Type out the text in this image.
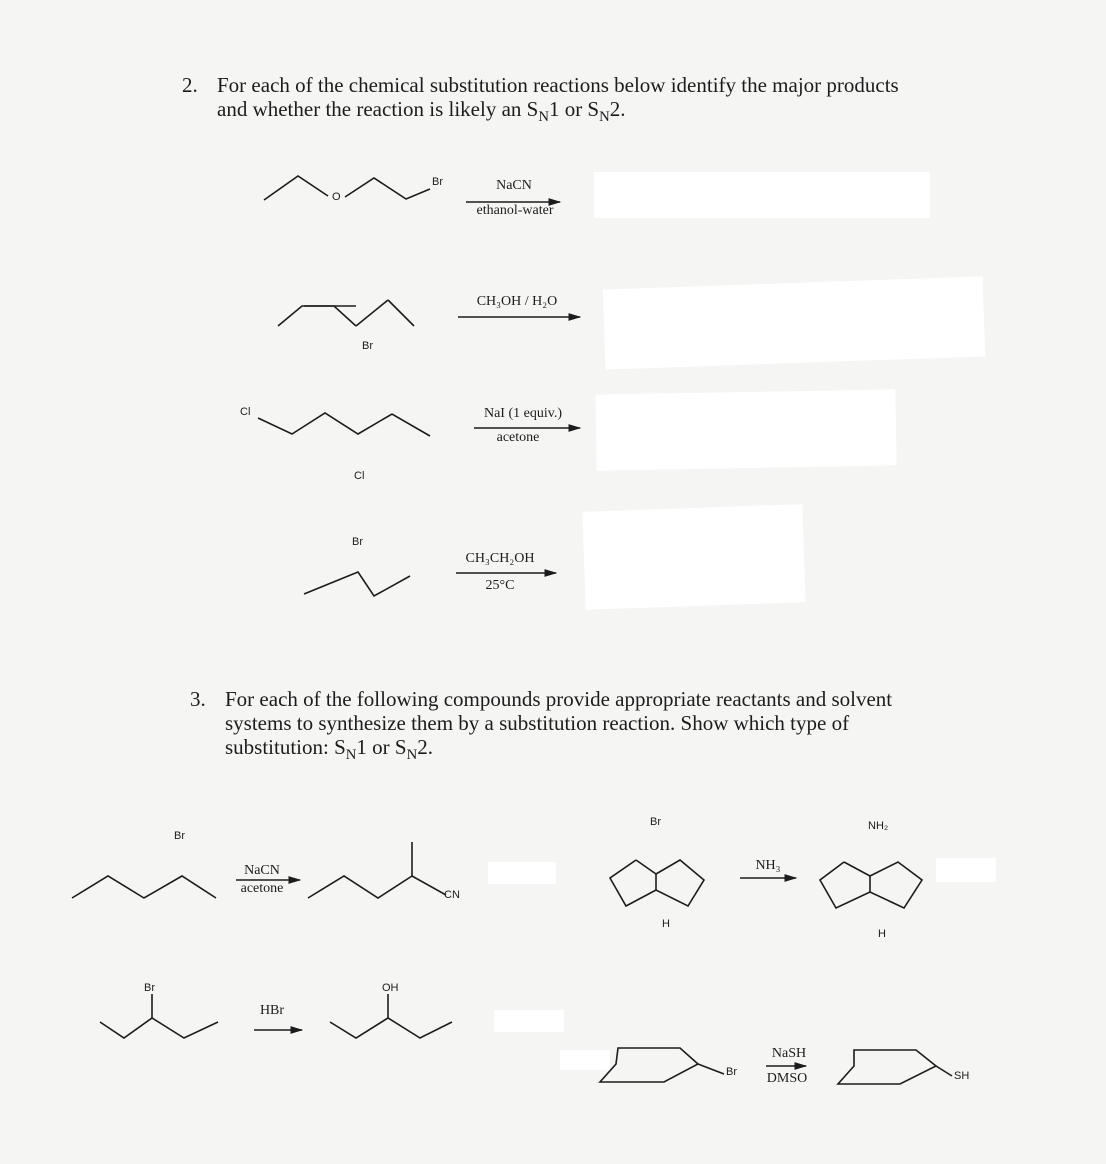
2. For each of the chemical substitution reactions below identify the major products
and whether the reaction is likely an $S_N1$ or $S_N2$.
3. For each of the following compounds provide appropriate reactants and solvent
systems to synthesize them by a substitution reaction. Show which type of
substitution: $S_N1$ or $S_N2$.
NaCN
ethanol-water
CH₃OH / H₂O
NaI (1 equiv.)
acetone
CH₃CH₂OH
25°C
O
Br
Br
Cl
Cl
Br
NaCN
acetone
NH₃
HBr
NaSH
DMSO
Br
CN
Br
H
NH₂
H
Br	OH
Br	SH
